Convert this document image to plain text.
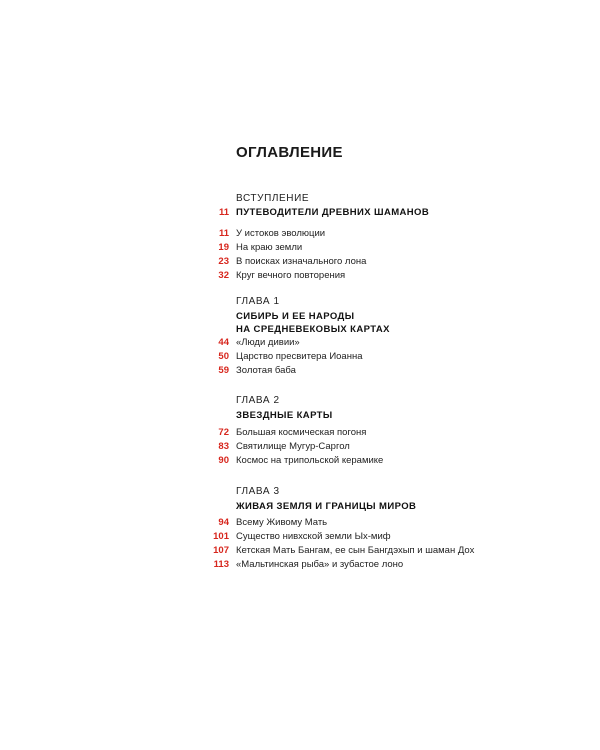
ОГЛАВЛЕНИЕ
ВСТУПЛЕНИЕ
11 ПУТЕВОДИТЕЛИ ДРЕВНИХ ШАМАНОВ
11 У истоков эволюции
19 На краю земли
23 В поисках изначального лона
32 Круг вечного повторения
ГЛАВА 1
СИБИРЬ И ЕЕ НАРОДЫ
НА СРЕДНЕВЕКОВЫХ КАРТАХ
44 «Люди дивии»
50 Царство пресвитера Иоанна
59 Золотая баба
ГЛАВА 2
ЗВЕЗДНЫЕ КАРТЫ
72 Большая космическая погоня
83 Святилище Мугур-Саргол
90 Космос на трипольской керамике
ГЛАВА 3
ЖИВАЯ ЗЕМЛЯ И ГРАНИЦЫ МИРОВ
94 Всему Живому Мать
101 Существо нивхской земли Ых-миф
107 Кетская Мать Бангам, ее сын Бангдэхып и шаман Дох
113 «Мальтинская рыба» и зубастое лоно
